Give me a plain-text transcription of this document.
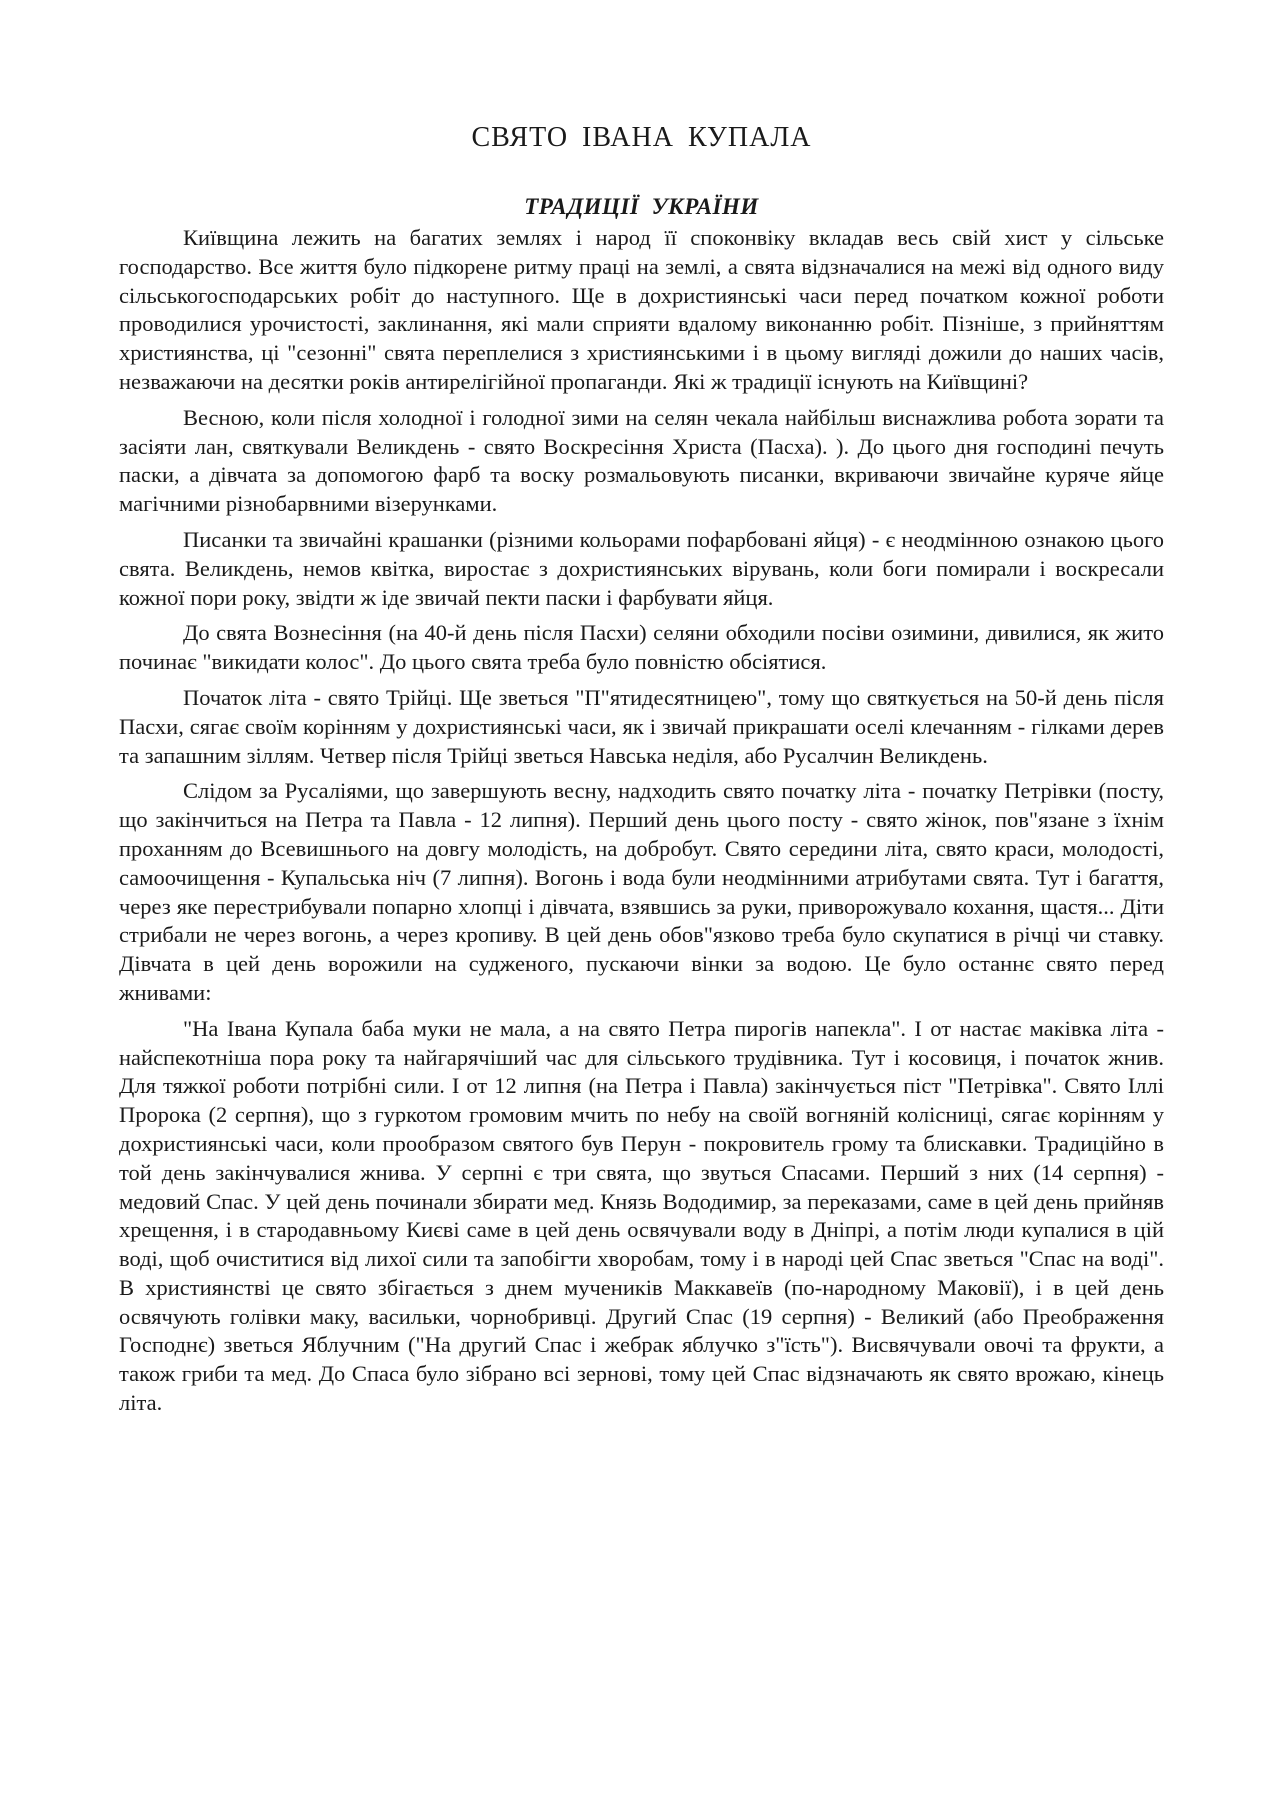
СВЯТО ІВАНА КУПАЛА
ТРАДИЦІЇ УКРАЇНИ

Київщина лежить на багатих землях і народ її споконвіку вкладав весь свій хист у сільське господарство. Все життя було підкорене ритму праці на землі, а свята відзначалися на межі від одного виду сільськогосподарських робіт до наступного. Ще в дохристиянські часи перед початком кожної роботи проводилися урочистості, заклинання, які мали сприяти вдалому виконанню робіт. Пізніше, з прийняттям християнства, ці "сезонні" свята переплелися з християнськими і в цьому вигляді дожили до наших часів, незважаючи на десятки років антирелігійної пропаганди. Які ж традиції існують на Київщині?

Весною, коли після холодної і голодної зими на селян чекала найбільш виснажлива робота зорати та засіяти лан, святкували Великдень - свято Воскресіння Христа (Пасха). ). До цього дня господині печуть паски, а дівчата за допомогою фарб та воску розмальовують писанки, вкриваючи звичайне куряче яйце магічними різнобарвними візерунками.

Писанки та звичайні крашанки (різними кольорами пофарбовані яйця) - є неодмінною ознакою цього свята. Великдень, немов квітка, виростає з дохристиянських вірувань, коли боги помирали і воскресали кожної пори року, звідти ж іде звичай пекти паски і фарбувати яйця.

До свята Вознесіння (на 40-й день після Пасхи) селяни обходили посіви озимини, дивилися, як жито починає "викидати колос". До цього свята треба було повністю обсіятися.

Початок літа - свято Трійці. Ще зветься "П"ятидесятницею", тому що святкується на 50-й день після Пасхи, сягає своїм корінням у дохристиянські часи, як і звичай прикрашати оселі клечанням - гілками дерев та запашним зіллям. Четвер після Трійці зветься Навська неділя, або Русалчин Великдень.

Слідом за Русаліями, що завершують весну, надходить свято початку літа - початку Петрівки (посту, що закінчиться на Петра та Павла - 12 липня). Перший день цього посту - свято жінок, пов"язане з їхнім проханням до Всевишнього на довгу молодість, на добробут. Свято середини літа, свято краси, молодості, самоочищення - Купальська ніч (7 липня). Вогонь і вода були неодмінними атрибутами свята. Тут і багаття, через яке перестрибували попарно хлопці і дівчата, взявшись за руки, приворожувало кохання, щастя... Діти стрибали не через вогонь, а через кропиву. В цей день обов"язково треба було скупатися в річці чи ставку. Дівчата в цей день ворожили на судженого, пускаючи вінки за водою. Це було останнє свято перед жнивами:

"На Івана Купала баба муки не мала, а на свято Петра пирогів напекла". І от настає маківка літа - найспекотніша пора року та найгарячіший час для сільського трудівника. Тут і косовиця, і початок жнив. Для тяжкої роботи потрібні сили. І от 12 липня (на Петра і Павла) закінчується піст "Петрівка". Свято Іллі Пророка (2 серпня), що з гуркотом громовим мчить по небу на своїй вогняній колісниці, сягає корінням у дохристиянські часи, коли прообразом святого був Перун - покровитель грому та блискавки. Традиційно в той день закінчувалися жнива. У серпні є три свята, що звуться Спасами. Перший з них (14 серпня) - медовий Спас. У цей день починали збирати мед. Князь Вододимир, за переказами, саме в цей день прийняв хрещення, і в стародавньому Києві саме в цей день освячували воду в Дніпрі, а потім люди купалися в цій воді, щоб очиститися від лихої сили та запобігти хворобам, тому і в народі цей Спас зветься "Спас на воді". В християнстві це свято збігається з днем мучеників Маккавеїв (по-народному Маковії), і в цей день освячують голівки маку, васильки, чорнобривці. Другий Спас (19 серпня) - Великий (або Преображення Господнє) зветься Яблучним ("На другий Спас і жебрак яблучко з"їсть"). Висвячували овочі та фрукти, а також гриби та мед. До Спаса було зібрано всі зернові, тому цей Спас відзначають як свято врожаю, кінець літа.
